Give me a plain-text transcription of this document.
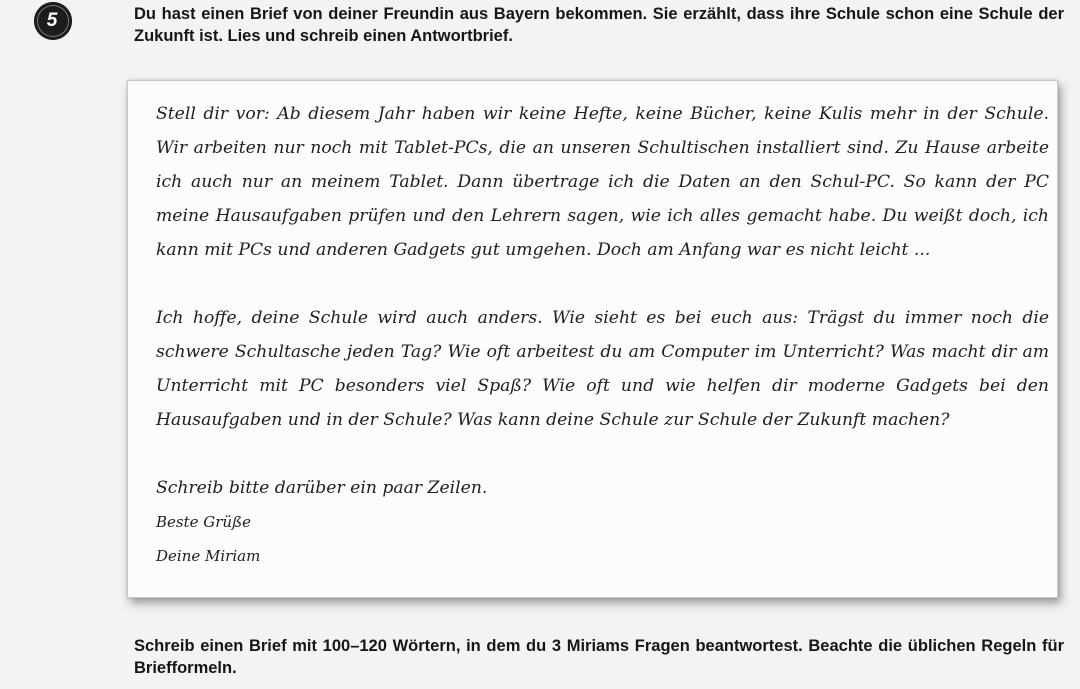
5	Du hast einen Brief von deiner Freundin aus Bayern bekommen. Sie erzählt, dass ihre Schule schon eine Schule der Zukunft ist. Lies und schreib einen Antwortbrief.

Stell dir vor: Ab diesem Jahr haben wir keine Hefte, keine Bücher, keine Kulis mehr in der Schule. Wir arbeiten nur noch mit Tablet-PCs, die an unseren Schultischen installiert sind. Zu Hause arbeite ich auch nur an meinem Tablet. Dann übertrage ich die Daten an den Schul-PC. So kann der PC meine Hausaufgaben prüfen und den Lehrern sagen, wie ich alles gemacht habe. Du weißt doch, ich kann mit PCs und anderen Gadgets gut umgehen. Doch am Anfang war es nicht leicht ...

Ich hoffe, deine Schule wird auch anders. Wie sieht es bei euch aus: Trägst du immer noch die schwere Schultasche jeden Tag? Wie oft arbeitest du am Computer im Unterricht? Was macht dir am Unterricht mit PC besonders viel Spaß? Wie oft und wie helfen dir moderne Gadgets bei den Hausaufgaben und in der Schule? Was kann deine Schule zur Schule der Zukunft machen?

Schreib bitte darüber ein paar Zeilen.

Beste Grüße

Deine Miriam

Schreib einen Brief mit 100–120 Wörtern, in dem du 3 Miriams Fragen beantwortest. Beachte die üblichen Regeln für Briefformeln.
